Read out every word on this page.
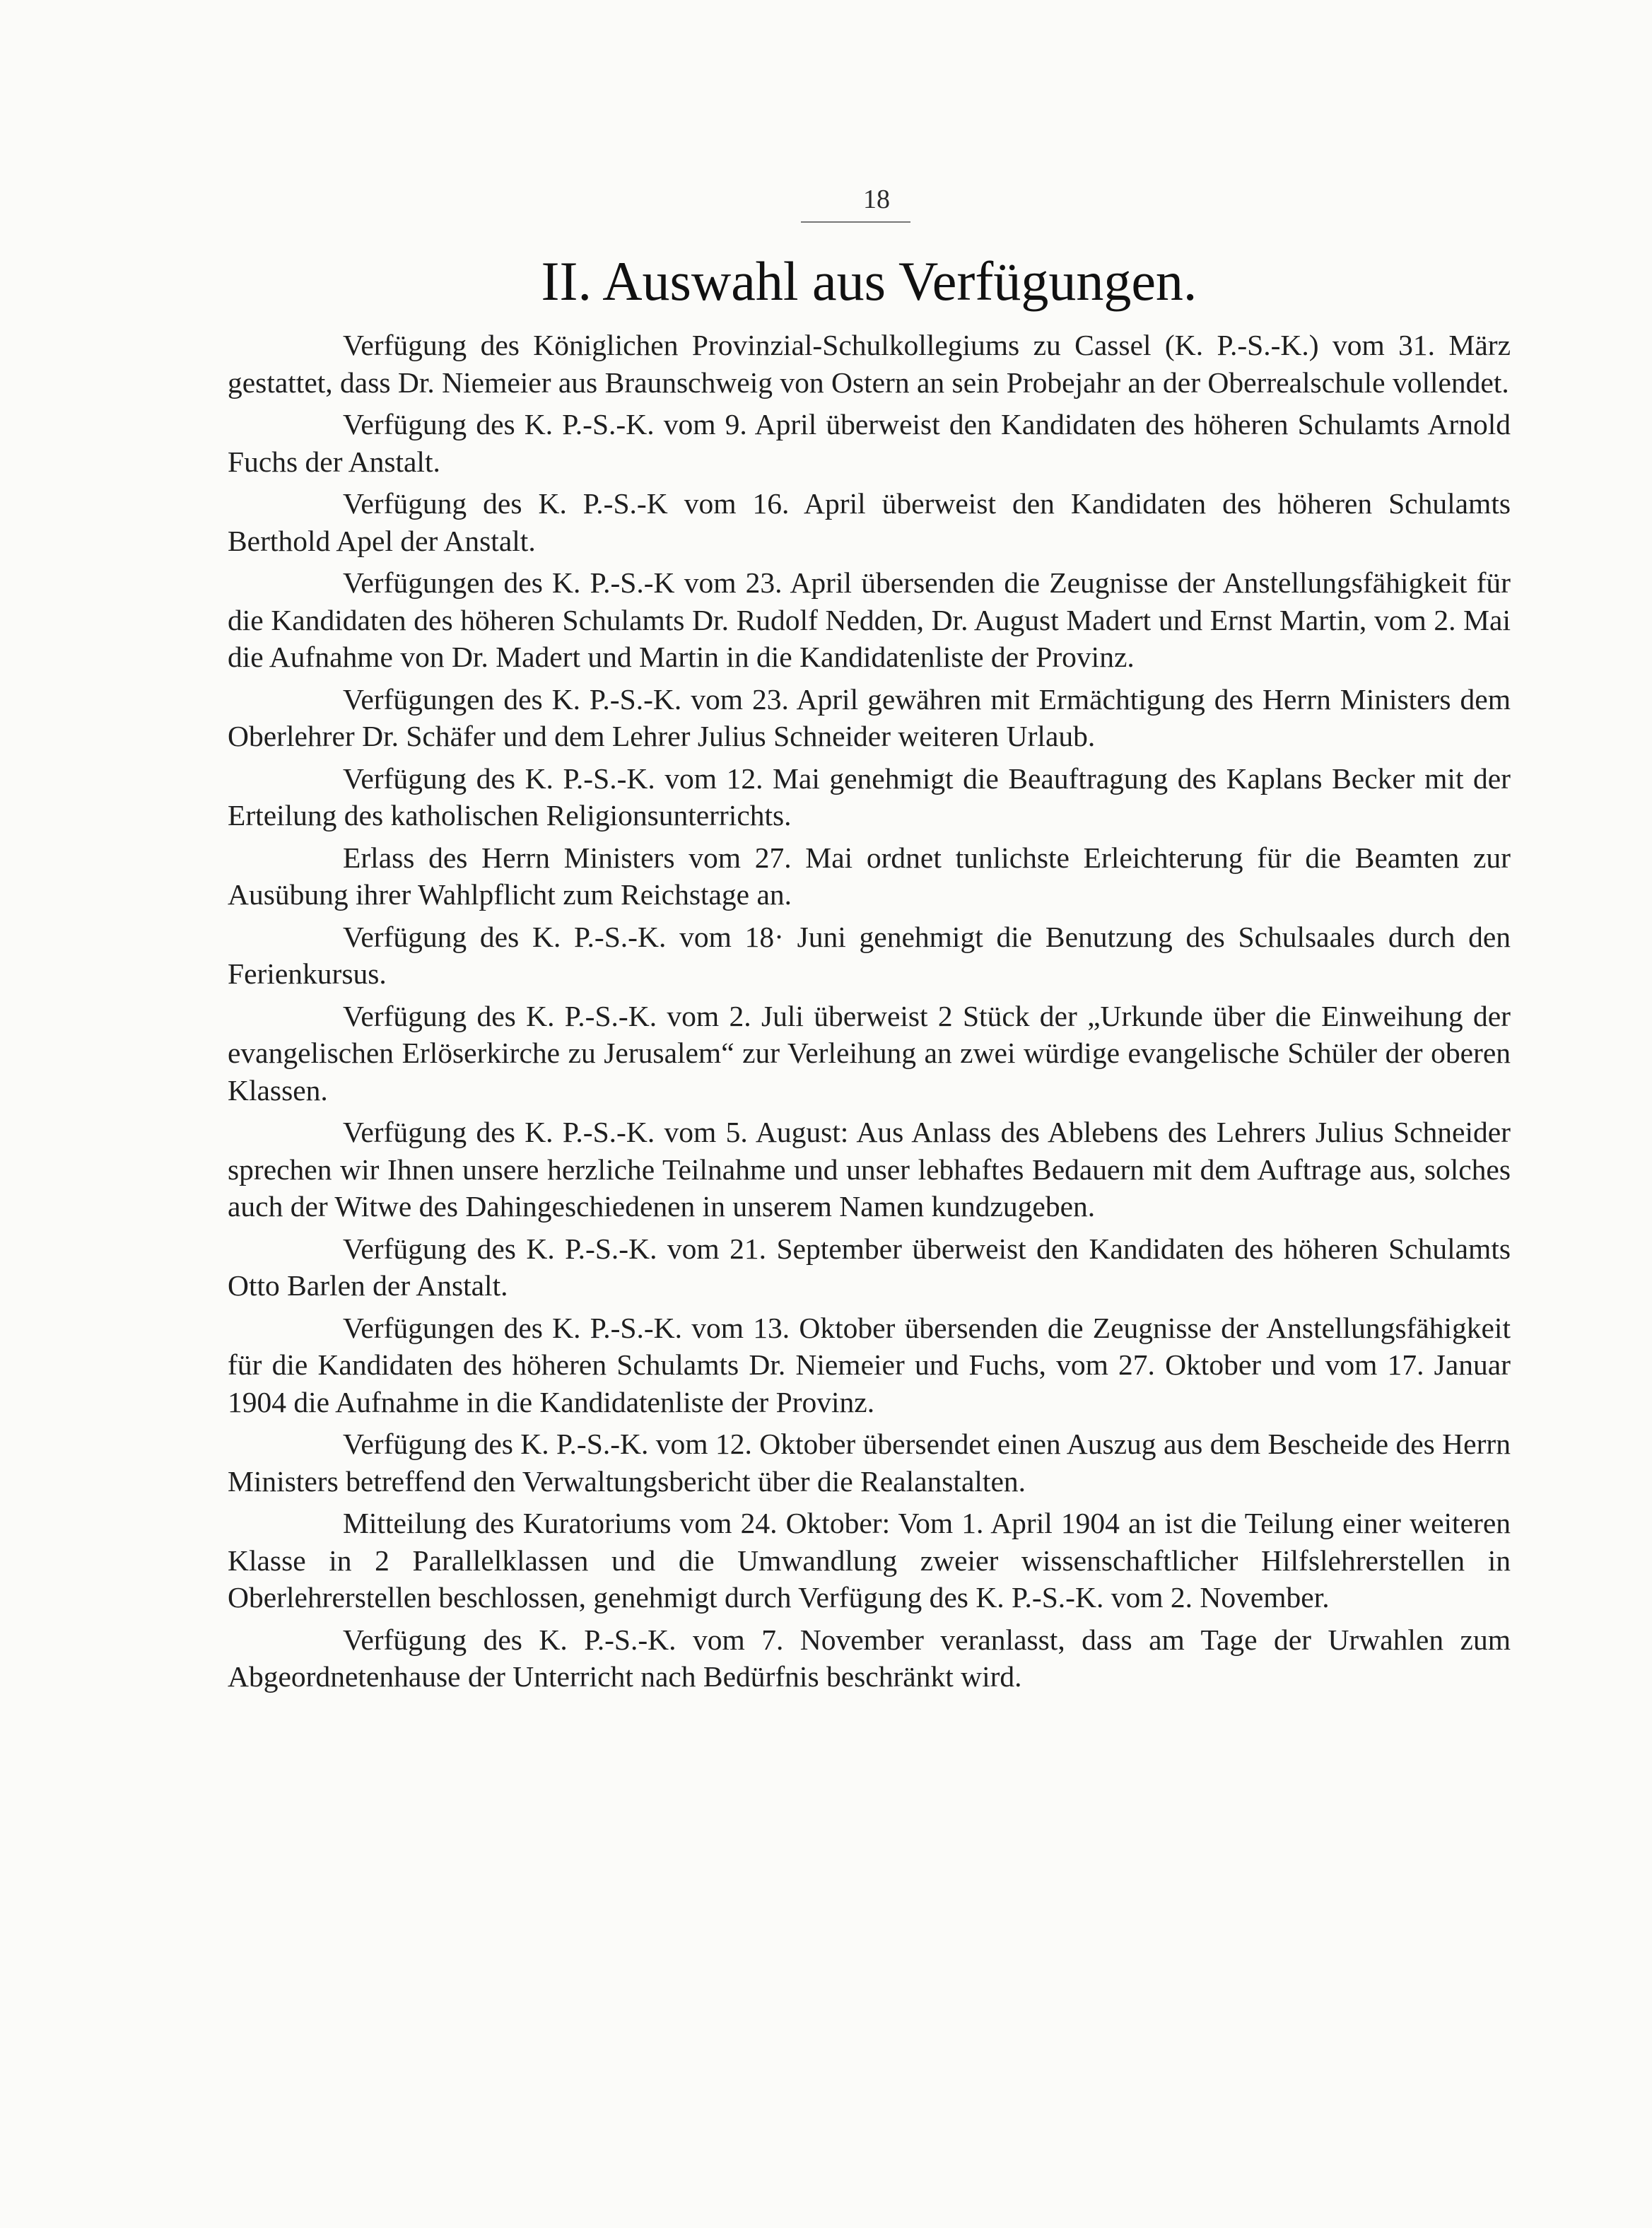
18
II. Auswahl aus Verfügungen.

Verfügung des Königlichen Provinzial-Schulkollegiums zu Cassel (K. P.-S.-K.) vom 31. März gestattet, dass Dr. Niemeier aus Braunschweig von Ostern an sein Probejahr an der Oberrealschule vollendet.

Verfügung des K. P.-S.-K. vom 9. April überweist den Kandidaten des höheren Schulamts Arnold Fuchs der Anstalt.

Verfügung des K. P.-S.-K vom 16. April überweist den Kandidaten des höheren Schulamts Berthold Apel der Anstalt.

Verfügungen des K. P.-S.-K vom 23. April übersenden die Zeugnisse der Anstellungsfähigkeit für die Kandidaten des höheren Schulamts Dr. Rudolf Nedden, Dr. August Madert und Ernst Martin, vom 2. Mai die Aufnahme von Dr. Madert und Martin in die Kandidatenliste der Provinz.

Verfügungen des K. P.-S.-K. vom 23. April gewähren mit Ermächtigung des Herrn Ministers dem Oberlehrer Dr. Schäfer und dem Lehrer Julius Schneider weiteren Urlaub.

Verfügung des K. P.-S.-K. vom 12. Mai genehmigt die Beauftragung des Kaplans Becker mit der Erteilung des katholischen Religionsunterrichts.

Erlass des Herrn Ministers vom 27. Mai ordnet tunlichste Erleichterung für die Beamten zur Ausübung ihrer Wahlpflicht zum Reichstage an.

Verfügung des K. P.-S.-K. vom 18· Juni genehmigt die Benutzung des Schulsaales durch den Ferienkursus.

Verfügung des K. P.-S.-K. vom 2. Juli überweist 2 Stück der „Urkunde über die Einweihung der evangelischen Erlöserkirche zu Jerusalem“ zur Verleihung an zwei würdige evangelische Schüler der oberen Klassen.

Verfügung des K. P.-S.-K. vom 5. August: Aus Anlass des Ablebens des Lehrers Julius Schneider sprechen wir Ihnen unsere herzliche Teilnahme und unser lebhaftes Bedauern mit dem Auftrage aus, solches auch der Witwe des Dahingeschiedenen in unserem Namen kundzugeben.

Verfügung des K. P.-S.-K. vom 21. September überweist den Kandidaten des höheren Schulamts Otto Barlen der Anstalt.

Verfügungen des K. P.-S.-K. vom 13. Oktober übersenden die Zeugnisse der Anstellungsfähigkeit für die Kandidaten des höheren Schulamts Dr. Niemeier und Fuchs, vom 27. Oktober und vom 17. Januar 1904 die Aufnahme in die Kandidatenliste der Provinz.

Verfügung des K. P.-S.-K. vom 12. Oktober übersendet einen Auszug aus dem Bescheide des Herrn Ministers betreffend den Verwaltungsbericht über die Realanstalten.

Mitteilung des Kuratoriums vom 24. Oktober: Vom 1. April 1904 an ist die Teilung einer weiteren Klasse in 2 Parallelklassen und die Umwandlung zweier wissenschaftlicher Hilfslehrerstellen in Oberlehrerstellen beschlossen, genehmigt durch Verfügung des K. P.-S.-K. vom 2. November.

Verfügung des K. P.-S.-K. vom 7. November veranlasst, dass am Tage der Urwahlen zum Abgeordnetenhause der Unterricht nach Bedürfnis beschränkt wird.
